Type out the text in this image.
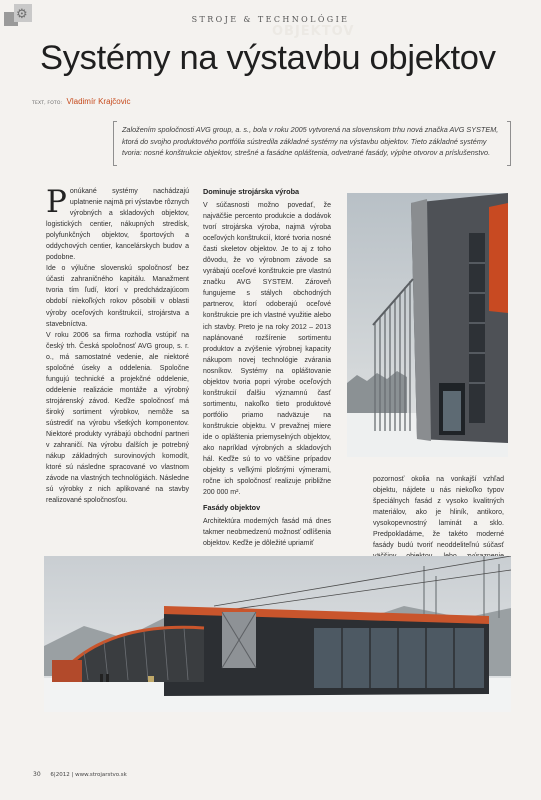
⚙
OBJEKTOV
STROJE & TECHNOLÓGIE
Systémy na výstavbu objektov
TEXT, FOTO: Vladimír Krajčovic

Založením spoločnosti AVG group, a. s., bola v roku 2005 vytvorená na slovenskom trhu nová značka AVG SYSTEM, ktorá do svojho produktového portfólia sústredila základné systémy na výstavbu objektov. Tieto základné systémy tvoria: nosné konštrukcie objektov, strešné a fasádne opláštenia, odvetrané fasády, výplne otvorov a príslušenstvo.

Ponúkané systémy nachádzajú uplatnenie najmä pri výstavbe rôznych výrobných a skladových objektov, logistických centier, nákupných stredísk, polyfunkčných objektov, športových a oddychových centier, kancelárskych budov a podobne.

Ide o výlučne slovenskú spoločnosť bez účasti zahraničného kapitálu. Manažment tvoria tím ľudí, ktorí v predchádzajúcom období niekoľkých rokov pôsobili v oblasti výroby oceľových konštrukcií, strojárstva a stavebníctva.

V roku 2006 sa firma rozhodla vstúpiť na český trh. Česká spoločnosť AVG group, s. r. o., má samostatné vedenie, ale niektoré spoločné úseky a oddelenia. Spoločne fungujú technické a projekčné oddelenie, oddelenie realizácie montáže a výrobný strojárenský závod. Keďže spoločnosť má široký sortiment výrobkov, nemôže sa sústrediť na výrobu všetkých komponentov. Niektoré produkty vyrábajú obchodní partneri v zahraničí. Na výrobu ďalších je potrebný nákup základných surovinových komodít, ktoré sú následne spracované vo vlastnom závode na vlastných technológiách. Následne sú výrobky z nich aplikované na stavby realizované spoločnosťou.

Dominuje strojárska výroba

V súčasnosti možno povedať, že najväčšie percento produkcie a dodávok tvorí strojárska výroba, najmä výroba oceľových konštrukcií, ktoré tvoria nosné časti skeletov objektov. Je to aj z toho dôvodu, že vo výrobnom závode sa vyrábajú oceľové konštrukcie pre vlastnú značku AVG SYSTEM. Zároveň fungujeme s stálych obchodných partnerov, ktorí odoberajú oceľové konštrukcie pre ich vlastné využitie alebo ich stavby. Preto je na roky 2012 – 2013 naplánované rozšírenie sortimentu produktov a zvýšenie výrobnej kapacity nákupom novej technológie zvárania nosníkov. Systémy na opláštovanie objektov tvoria popri výrobe oceľových konštrukcií ďalšiu významnú časť sortimentu, nakoľko tieto produktové portfólio priamo nadväzuje na konštrukcie objektu. V prevažnej miere ide o opláštenia priemyselných objektov, ako napríklad výrobných a skladových hál. Keďže sú to vo väčšine prípadov objekty s veľkými plošnými výmerami, ročne ich spoločnosť realizuje približne 200 000 m².

Fasády objektov

Architektúra moderných fasád má dnes takmer neobmedzenú možnosť odlíšenia objektov. Keďže je dôležité upriamiť

pozornosť okolia na vonkajší vzhľad objektu, nájdete u nás niekoľko typov špeciálnych fasád z vysoko kvalitných materiálov, ako je hliník, antikoro, vysokopevnostný laminát a sklo. Predpokladáme, že takéto moderné fasády budú tvoriť neoddeliteľnú súčasť

30 6|2012 | www.strojarstvo.sk
